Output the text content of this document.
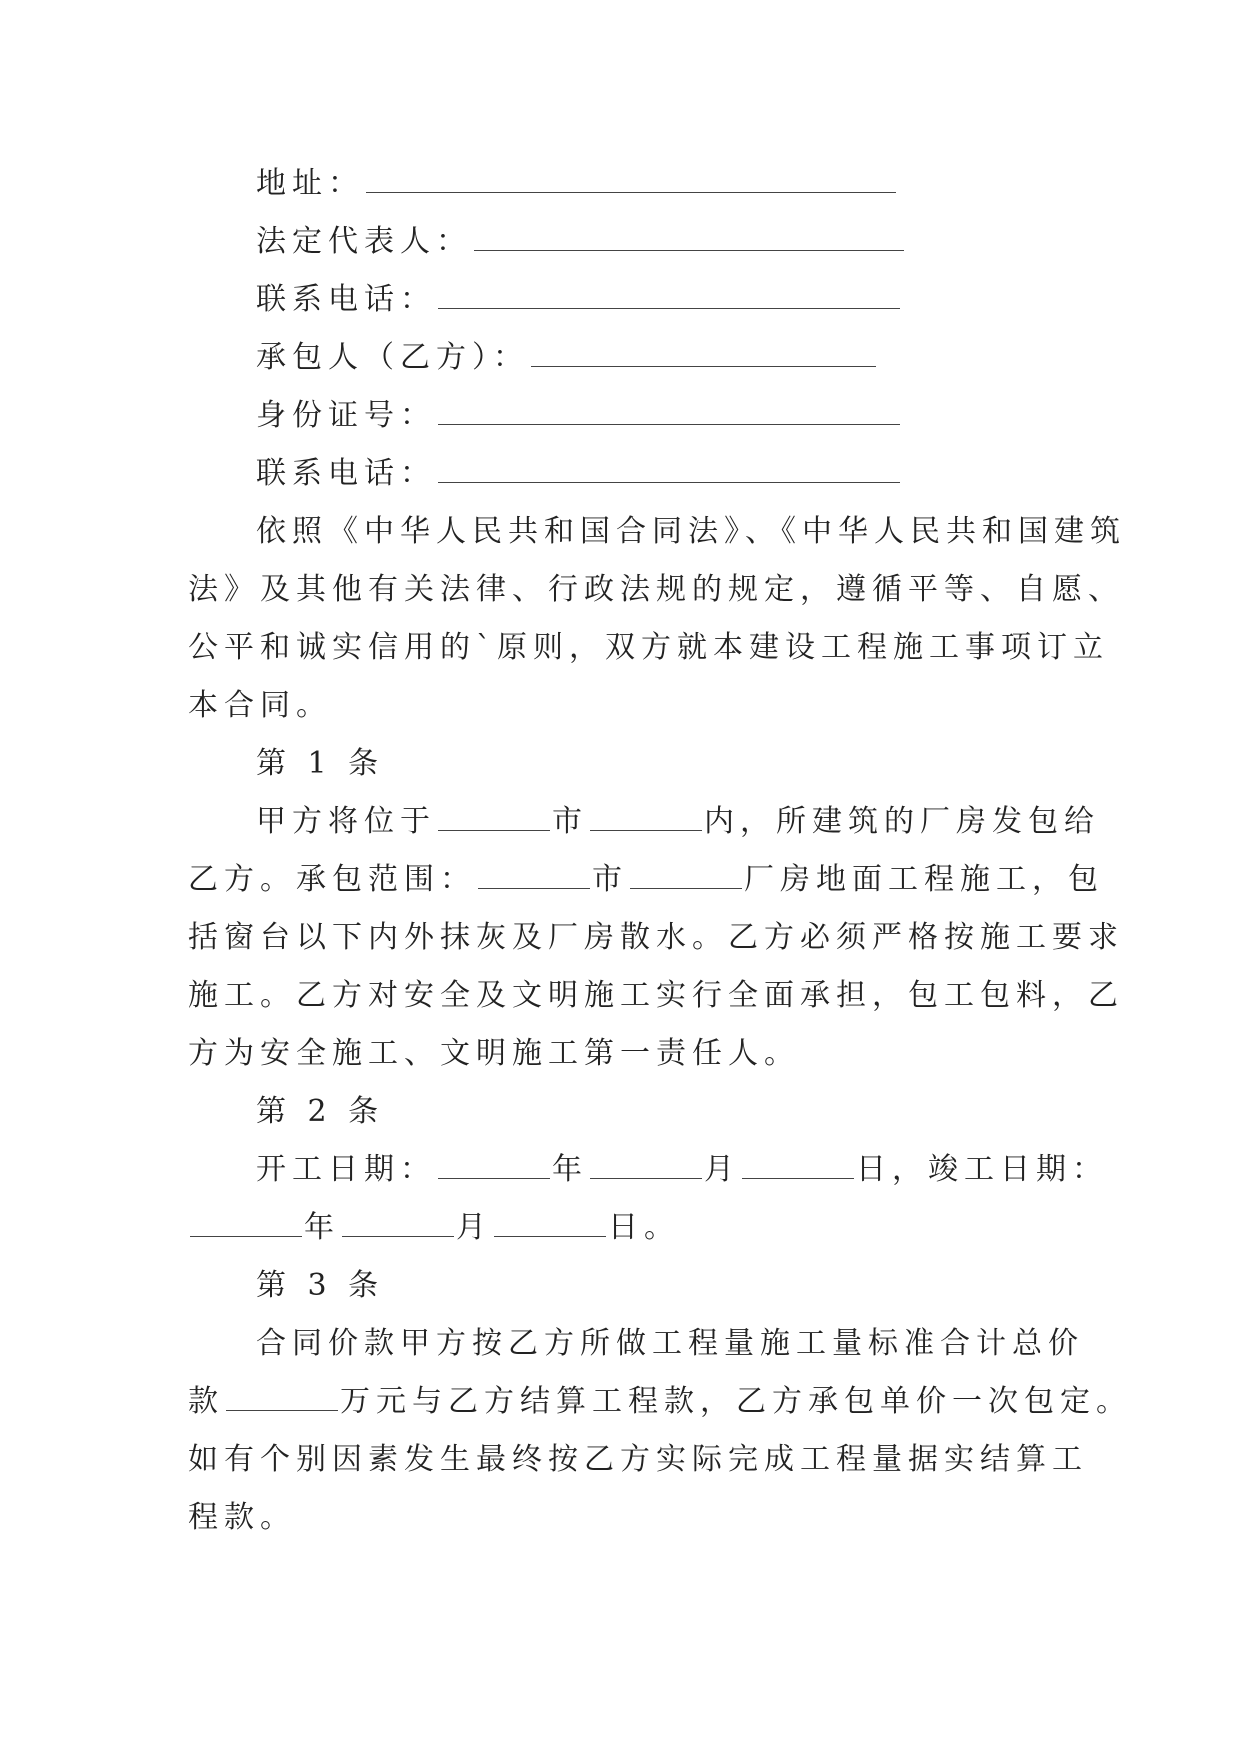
地址：

法定代表人：

联系电话：

承包人（乙方）：

身份证号：

联系电话：

依照《中华人民共和国合同法》、《中华人民共和国建筑

法》及其他有关法律、行政法规的规定，遵循平等、自愿、

公平和诚实信用的`原则，双方就本建设工程施工事项订立

本合同。

第 1 条

甲方将位于	市	内，所建筑的厂房发包给

乙方。承包范围：	市	厂房地面工程施工，包

括窗台以下内外抹灰及厂房散水。乙方必须严格按施工要求

施工。乙方对安全及文明施工实行全面承担，包工包料，乙

方为安全施工、文明施工第一责任人。

第 2 条

开工日期：	年	月	日，竣工日期：

年	月	日。

第 3 条

合同价款甲方按乙方所做工程量施工量标准合计总价

款	万元与乙方结算工程款，乙方承包单价一次包定。

如有个别因素发生最终按乙方实际完成工程量据实结算工

程款。
